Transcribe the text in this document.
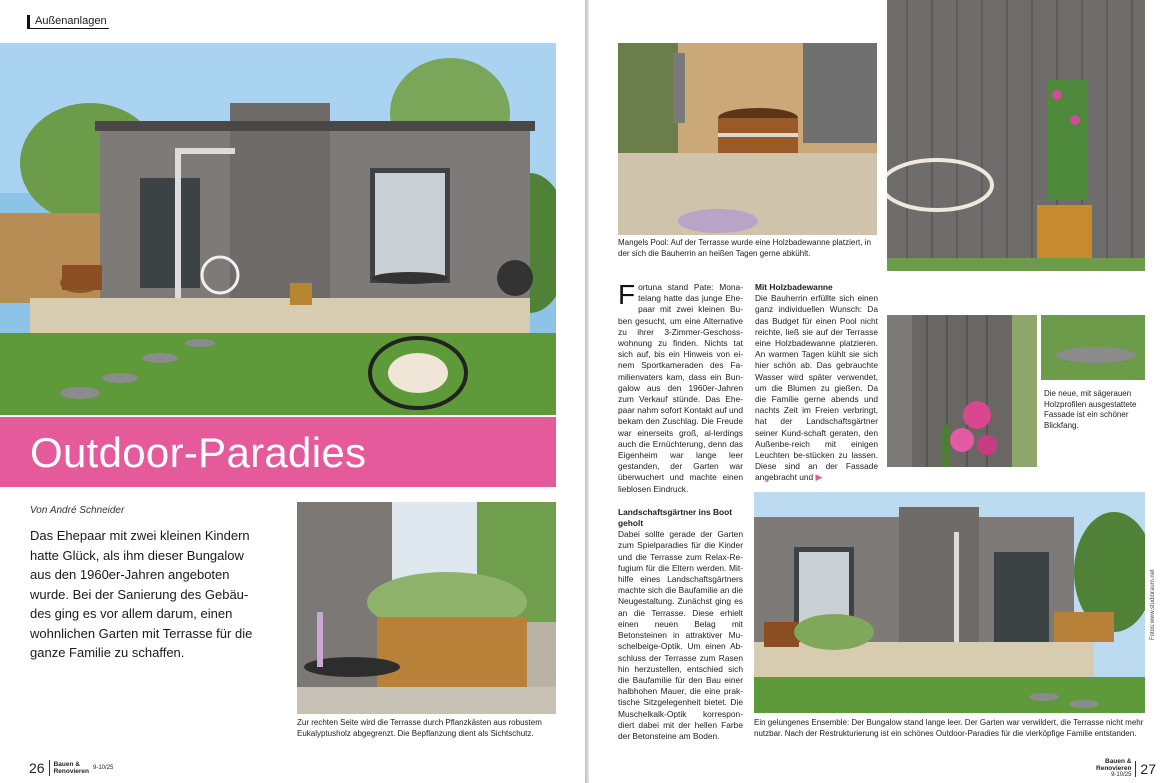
Außenanlagen
Outdoor-Paradies
Von André Schneider
Das Ehepaar mit zwei kleinen Kindern hatte Glück, als ihm dieser Bungalow aus den 1960er-Jahren angeboten wurde. Bei der Sanierung des Gebäu-des ging es vor allem darum, einen wohnlichen Garten mit Terrasse für die ganze Familie zu schaffen.
Zur rechten Seite wird die Terrasse durch Pflanzkästen aus robustem Eukalyptusholz abgegrenzt. Die Bepflanzung dient als Sichtschutz.
26 Bauen &
Renovieren
9-10/25
Mangels Pool: Auf der Terrasse wurde eine Holzbadewanne platziert, in der sich die Bauherrin an heißen Tagen gerne abkühlt.
Die neue, mit sägerauen Holzprofilen ausgestattete Fassade ist ein schöner Blickfang.

Fortuna stand Pate: Mona-telang hatte das junge Ehe-paar mit zwei kleinen Bu-ben gesucht, um eine Alternative zu ihrer 3-Zimmer-Geschoss-wohnung zu finden. Nichts tat sich auf, bis ein Hinweis von ei-nem Sportkameraden des Fa-milienvaters kam, dass ein Bun-galow aus den 1960er-Jahren zum Verkauf stünde. Das Ehe-paar nahm sofort Kontakt auf und bekam den Zuschlag. Die Freude war einerseits groß, al-lerdings auch die Ernüchterung, denn das Eigenheim war lange leer gestanden, der Garten war überwuchert und machte einen lieblosen Eindruck.

Landschaftsgärtner ins Boot geholt

Dabei sollte gerade der Garten zum Spielparadies für die Kinder und die Terrasse zum Relax-Re-fugium für die Eltern werden. Mit-hilfe eines Landschaftsgärtners machte sich die Baufamilie an die Neugestaltung. Zunächst ging es an die Terrasse. Diese erhielt einen neuen Belag mit Betonsteinen in attraktiver Mu-schelbeige-Optik. Um einen Ab-schluss der Terrasse zum Rasen hin herzustellen, entschied sich die Baufamilie für den Bau einer halbhohen Mauer, die eine prak-tische Sitzgelegenheit bietet. Die Muschelkalk-Optik korrespon-diert dabei mit der hellen Farbe der Betonsteine am Boden.

Mit Holzbadewanne

Die Bauherrin erfüllte sich einen ganz individuellen Wunsch: Da das Budget für einen Pool nicht reichte, ließ sie auf der Terrasse eine Holzbadewanne platzieren. An warmen Tagen kühlt sie sich hier schön ab. Das gebrauchte Wasser wird später verwendet, um die Blumen zu gießen. Da die Familie gerne abends und nachts Zeit im Freien verbringt, hat der Landschaftsgärtner seiner Kund-schaft geraten, den Außenbe-reich mit einigen Leuchten be-stücken zu lassen. Diese sind an der Fassade angebracht und ▶

Ein gelungenes Ensemble: Der Bungalow stand lange leer. Der Garten war verwildert, die Terrasse nicht mehr nutzbar. Nach der Restrukturierung ist ein schönes Outdoor-Paradies für die vierköpfige Familie entstanden.
Bauen &
Renovieren
9-10/25 27
Fotos:www.studioraum.net
